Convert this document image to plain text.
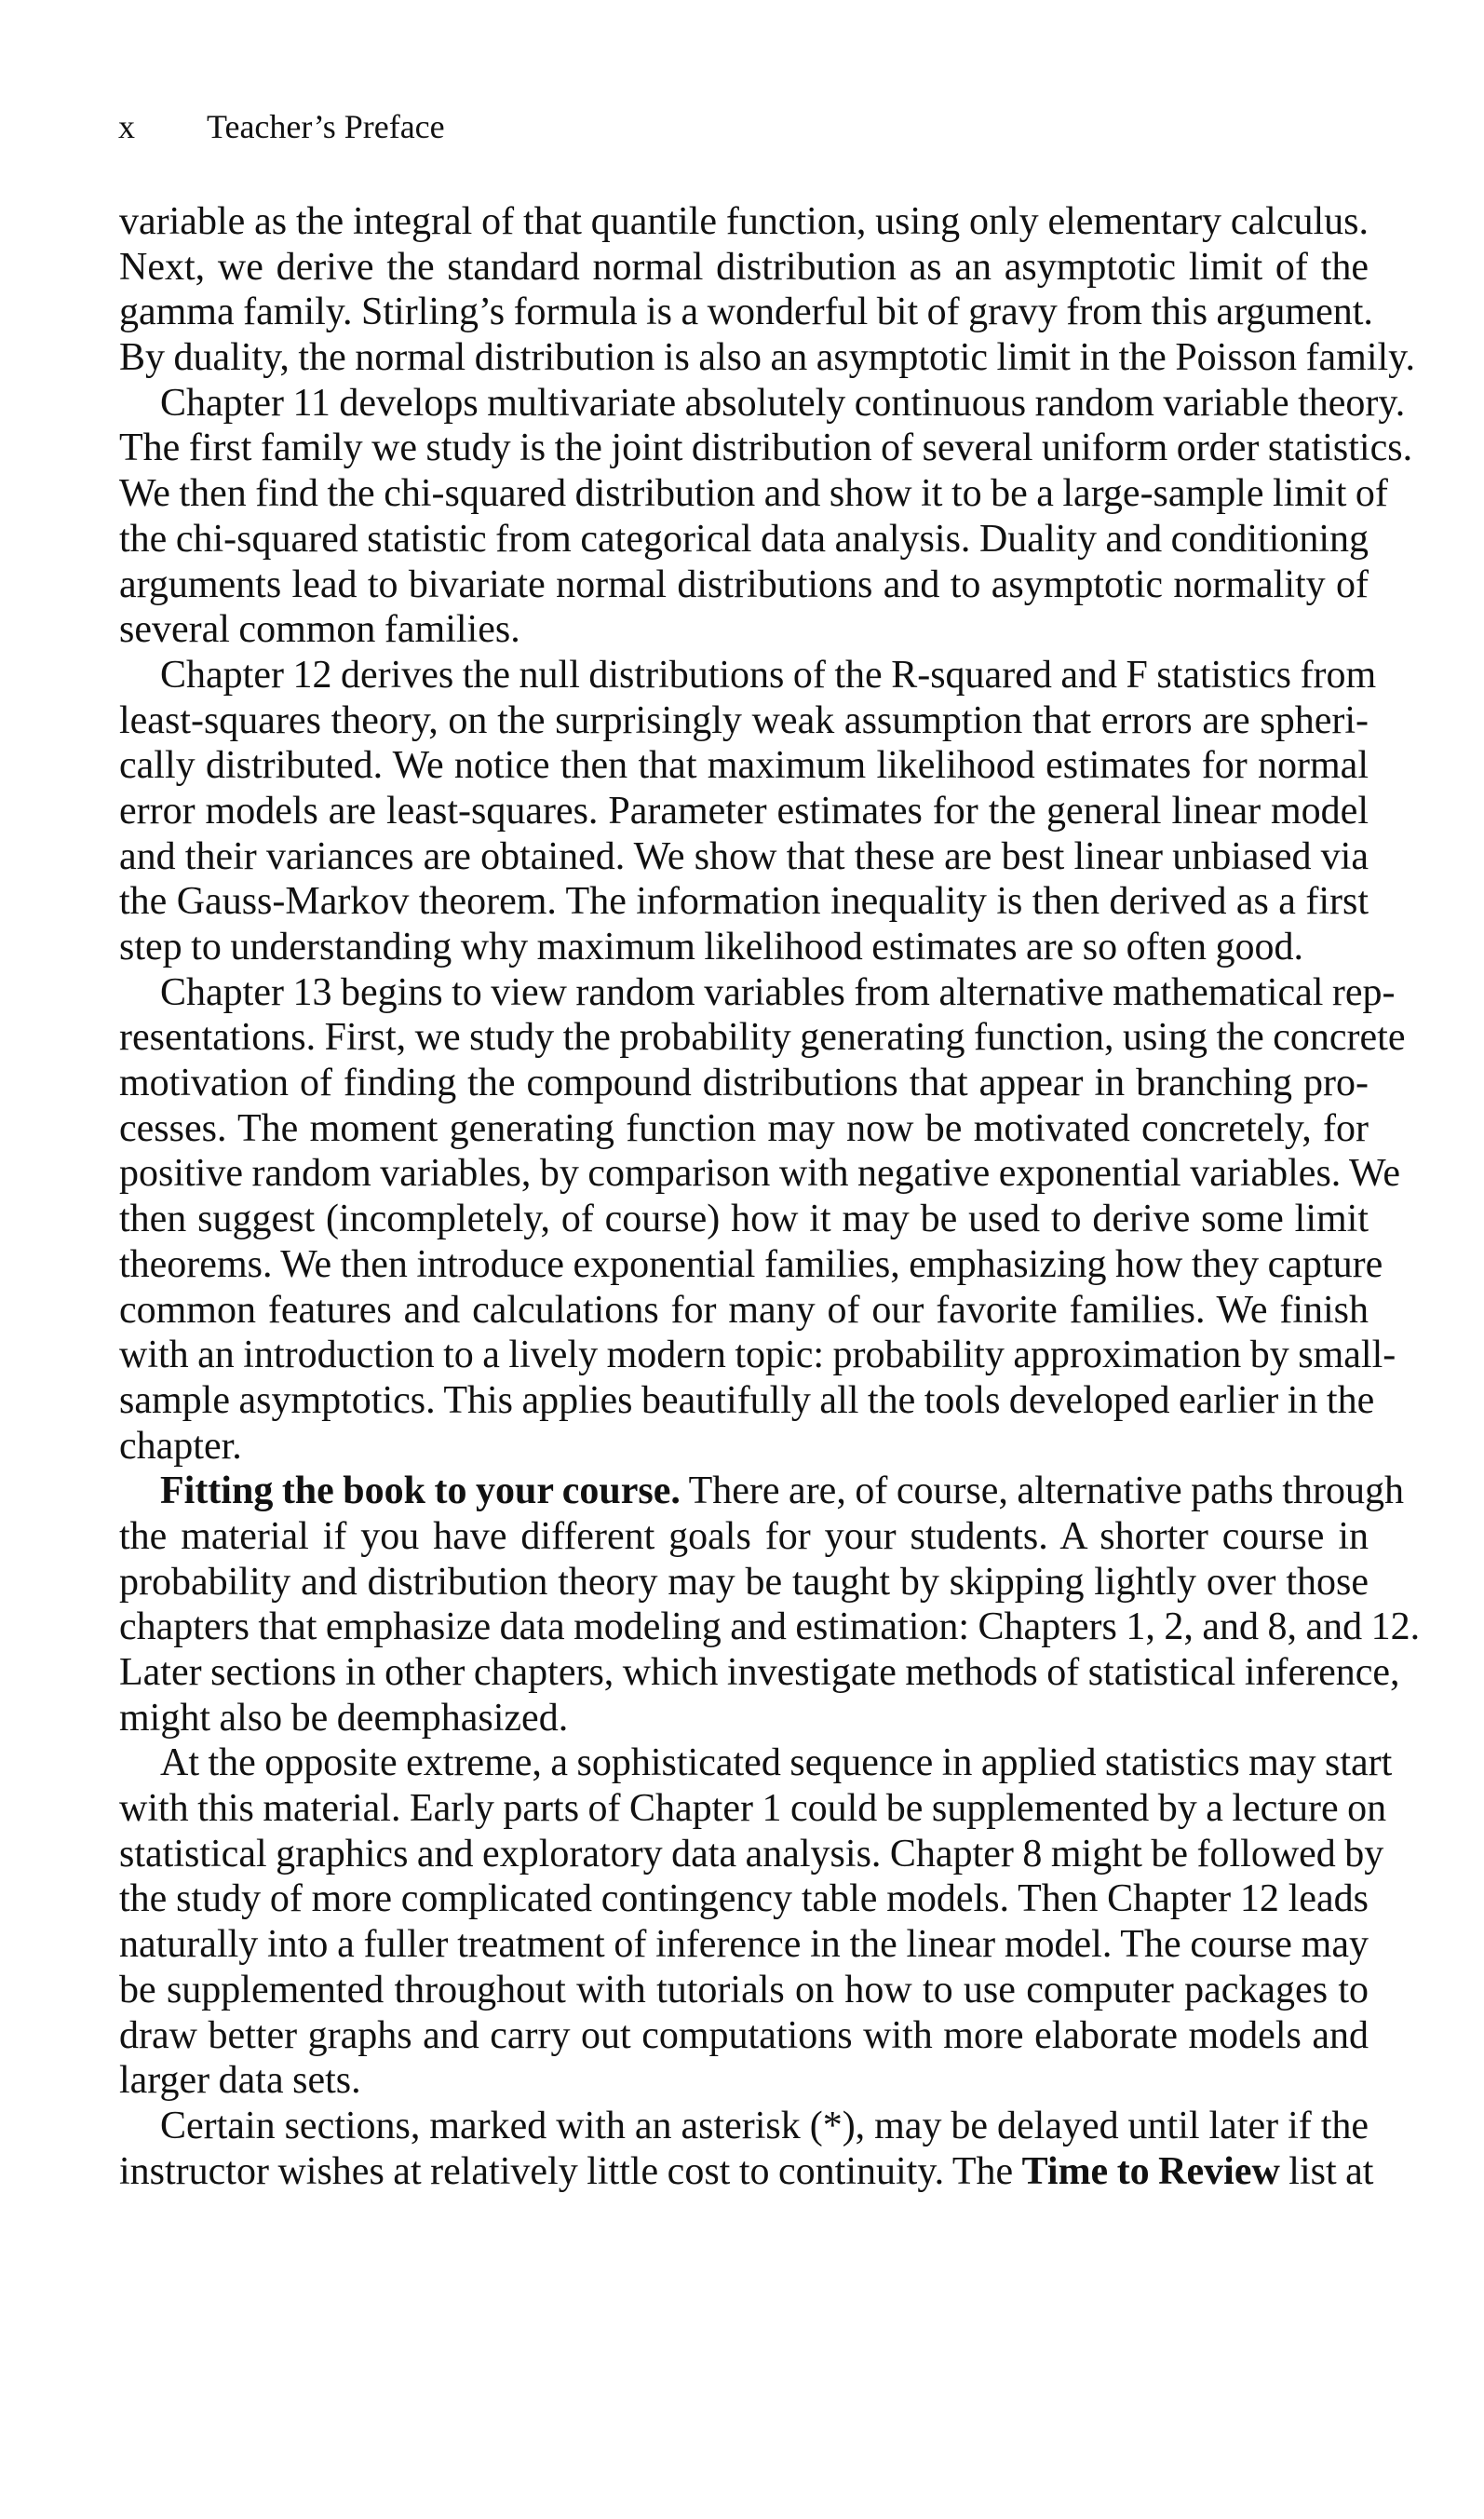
x Teacher’s Preface
variable as the integral of that quantile function, using only elementary calculus.
Next, we derive the standard normal distribution as an asymptotic limit of the
gamma family. Stirling’s formula is a wonderful bit of gravy from this argument.
By duality, the normal distribution is also an asymptotic limit in the Poisson family.
Chapter 11 develops multivariate absolutely continuous random variable theory.
The first family we study is the joint distribution of several uniform order statistics.
We then find the chi-squared distribution and show it to be a large-sample limit of
the chi-squared statistic from categorical data analysis. Duality and conditioning
arguments lead to bivariate normal distributions and to asymptotic normality of
several common families.
Chapter 12 derives the null distributions of the R-squared and F statistics from
least-squares theory, on the surprisingly weak assumption that errors are spheri-
cally distributed. We notice then that maximum likelihood estimates for normal
error models are least-squares. Parameter estimates for the general linear model
and their variances are obtained. We show that these are best linear unbiased via
the Gauss-Markov theorem. The information inequality is then derived as a first
step to understanding why maximum likelihood estimates are so often good.
Chapter 13 begins to view random variables from alternative mathematical rep-
resentations. First, we study the probability generating function, using the concrete
motivation of finding the compound distributions that appear in branching pro-
cesses. The moment generating function may now be motivated concretely, for
positive random variables, by comparison with negative exponential variables. We
then suggest (incompletely, of course) how it may be used to derive some limit
theorems. We then introduce exponential families, emphasizing how they capture
common features and calculations for many of our favorite families. We finish
with an introduction to a lively modern topic: probability approximation by small-
sample asymptotics. This applies beautifully all the tools developed earlier in the
chapter.
Fitting the book to your course. There are, of course, alternative paths through
the material if you have different goals for your students. A shorter course in
probability and distribution theory may be taught by skipping lightly over those
chapters that emphasize data modeling and estimation: Chapters 1, 2, and 8, and 12.
Later sections in other chapters, which investigate methods of statistical inference,
might also be deemphasized.
At the opposite extreme, a sophisticated sequence in applied statistics may start
with this material. Early parts of Chapter 1 could be supplemented by a lecture on
statistical graphics and exploratory data analysis. Chapter 8 might be followed by
the study of more complicated contingency table models. Then Chapter 12 leads
naturally into a fuller treatment of inference in the linear model. The course may
be supplemented throughout with tutorials on how to use computer packages to
draw better graphs and carry out computations with more elaborate models and
larger data sets.
Certain sections, marked with an asterisk (*), may be delayed until later if the
instructor wishes at relatively little cost to continuity. The Time to Review list at
